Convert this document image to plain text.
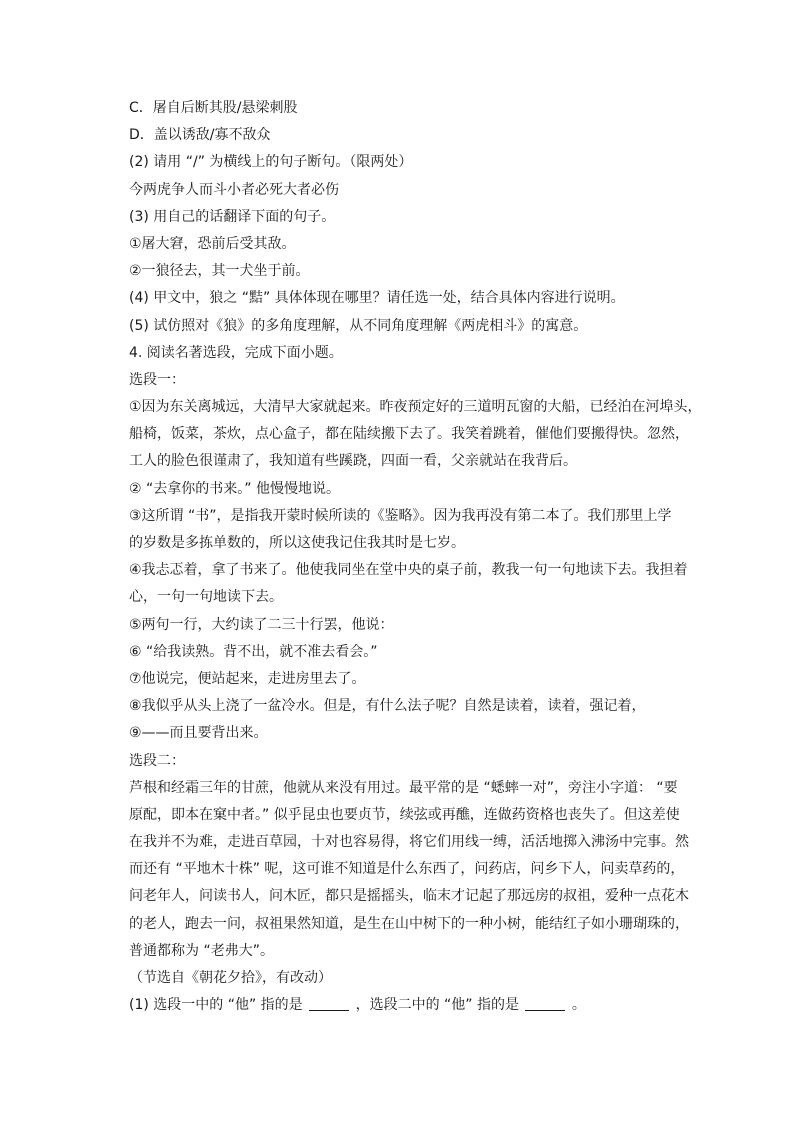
C．屠自后断其股/悬梁刺股
D．盖以诱敌/寡不敌众
(2) 请用 “/” 为横线上的句子断句。（限两处）
今两虎争人而斗小者必死大者必伤
(3) 用自己的话翻译下面的句子。
①屠大窘，恐前后受其敌。
②一狼径去，其一犬坐于前。
(4) 甲文中，狼之 “黠” 具体体现在哪里？请任选一处，结合具体内容进行说明。
(5) 试仿照对《狼》的多角度理解，从不同角度理解《两虎相斗》的寓意。
4. 阅读名著选段，完成下面小题。
选段一：
①因为东关离城远，大清早大家就起来。昨夜预定好的三道明瓦窗的大船，已经泊在河埠头，
船椅，饭菜，茶炊，点心盒子，都在陆续搬下去了。我笑着跳着，催他们要搬得快。忽然，
工人的脸色很谨肃了，我知道有些蹊跷，四面一看，父亲就站在我背后。
② “去拿你的书来。” 他慢慢地说。
③这所谓 “书”，是指我开蒙时候所读的《鉴略》。因为我再没有第二本了。我们那里上学
的岁数是多拣单数的，所以这使我记住我其时是七岁。
④我忐忑着，拿了书来了。他使我同坐在堂中央的桌子前，教我一句一句地读下去。我担着
心，一句一句地读下去。
⑤两句一行，大约读了二三十行罢，他说：
⑥ “给我读熟。背不出，就不准去看会。”
⑦他说完，便站起来，走进房里去了。
⑧我似乎从头上浇了一盆冷水。但是，有什么法子呢？自然是读着，读着，强记着，
⑨——而且要背出来。
选段二：
芦根和经霜三年的甘蔗，他就从来没有用过。最平常的是 “蟋蟀一对”，旁注小字道： “要
原配，即本在窠中者。” 似乎昆虫也要贞节，续弦或再醮，连做药资格也丧失了。但这差使
在我并不为难，走进百草园，十对也容易得，将它们用线一缚，活活地掷入沸汤中完事。然
而还有 “平地木十株” 呢，这可谁不知道是什么东西了，问药店，问乡下人，问卖草药的，
问老年人，问读书人，问木匠，都只是摇摇头，临末才记起了那远房的叔祖，爱种一点花木
的老人，跑去一问，叔祖果然知道，是生在山中树下的一种小树，能结红子如小珊瑚珠的，
普通都称为 “老弗大”。
（节选自《朝花夕拾》，有改动）
(1) 选段一中的 “他” 指的是	，选段二中的 “他” 指的是	。
